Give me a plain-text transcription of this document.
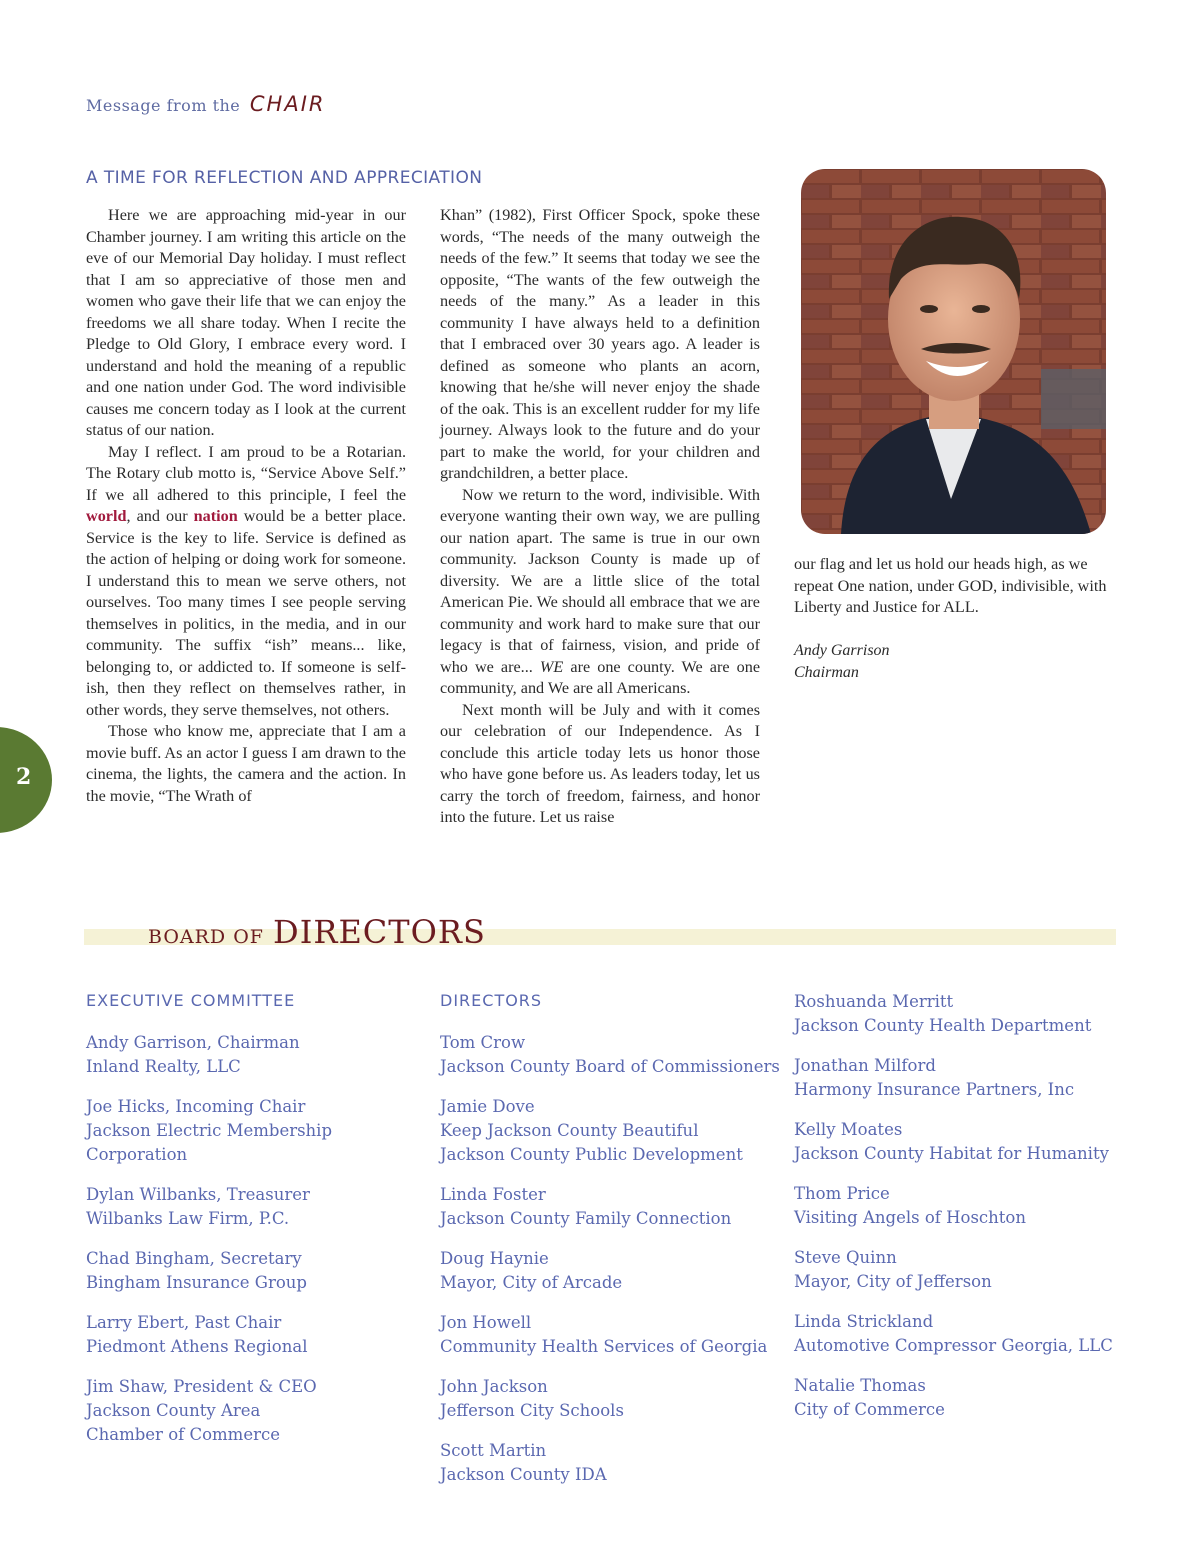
Message from the CHAIR
A TIME FOR REFLECTION AND APPRECIATION

Here we are approaching mid-year in our Chamber journey. I am writing this article on the eve of our Memorial Day holiday. I must reflect that I am so appreciative of those men and women who gave their life that we can enjoy the freedoms we all share today. When I recite the Pledge to Old Glory, I embrace every word. I understand and hold the meaning of a republic and one nation under God. The word indivisible causes me concern today as I look at the current status of our nation.

May I reflect. I am proud to be a Rotarian. The Rotary club motto is, “Service Above Self.” If we all adhered to this principle, I feel the world, and our nation would be a better place. Service is the key to life. Service is defined as the action of helping or doing work for someone. I understand this to mean we serve others, not ourselves. Too many times I see people serving themselves in politics, in the media, and in our community. The suffix “ish” means... like, belonging to, or addicted to. If someone is self-ish, then they reflect on themselves rather, in other words, they serve themselves, not others.

Those who know me, appreciate that I am a movie buff. As an actor I guess I am drawn to the cinema, the lights, the camera and the action. In the movie, “The Wrath of

Khan” (1982), First Officer Spock, spoke these words, “The needs of the many outweigh the needs of the few.” It seems that today we see the opposite, “The wants of the few outweigh the needs of the many.” As a leader in this community I have always held to a definition that I embraced over 30 years ago. A leader is defined as someone who plants an acorn, knowing that he/she will never enjoy the shade of the oak. This is an excellent rudder for my life journey. Always look to the future and do your part to make the world, for your children and grandchildren, a better place.

Now we return to the word, indivisible. With everyone wanting their own way, we are pulling our nation apart. The same is true in our own community. Jackson County is made up of diversity. We are a little slice of the total American Pie. We should all embrace that we are community and work hard to make sure that our legacy is that of fairness, vision, and pride of who we are... WE are one county. We are one community, and We are all Americans.

Next month will be July and with it comes our celebration of our Independence. As I conclude this article today lets us honor those who have gone before us. As leaders today, let us carry the torch of freedom, fairness, and honor into the future. Let us raise

our flag and let us hold our heads high, as we repeat One nation, under GOD, indivisible, with Liberty and Justice for ALL.

Andy Garrison
Chairman
2
BOARD OF DIRECTORS
EXECUTIVE COMMITTEE
Andy Garrison, Chairman
Inland Realty, LLC
Joe Hicks, Incoming Chair
Jackson Electric Membership Corporation
Dylan Wilbanks, Treasurer
Wilbanks Law Firm, P.C.
Chad Bingham, Secretary
Bingham Insurance Group
Larry Ebert, Past Chair
Piedmont Athens Regional
Jim Shaw, President & CEO
Jackson County Area
Chamber of Commerce
DIRECTORS
Tom Crow
Jackson County Board of Commissioners
Jamie Dove
Keep Jackson County Beautiful
Jackson County Public Development
Linda Foster
Jackson County Family Connection
Doug Haynie
Mayor, City of Arcade
Jon Howell
Community Health Services of Georgia
John Jackson
Jefferson City Schools
Scott Martin
Jackson County IDA
Roshuanda Merritt
Jackson County Health Department
Jonathan Milford
Harmony Insurance Partners, Inc
Kelly Moates
Jackson County Habitat for Humanity
Thom Price
Visiting Angels of Hoschton
Steve Quinn
Mayor, City of Jefferson
Linda Strickland
Automotive Compressor Georgia, LLC
Natalie Thomas
City of Commerce
